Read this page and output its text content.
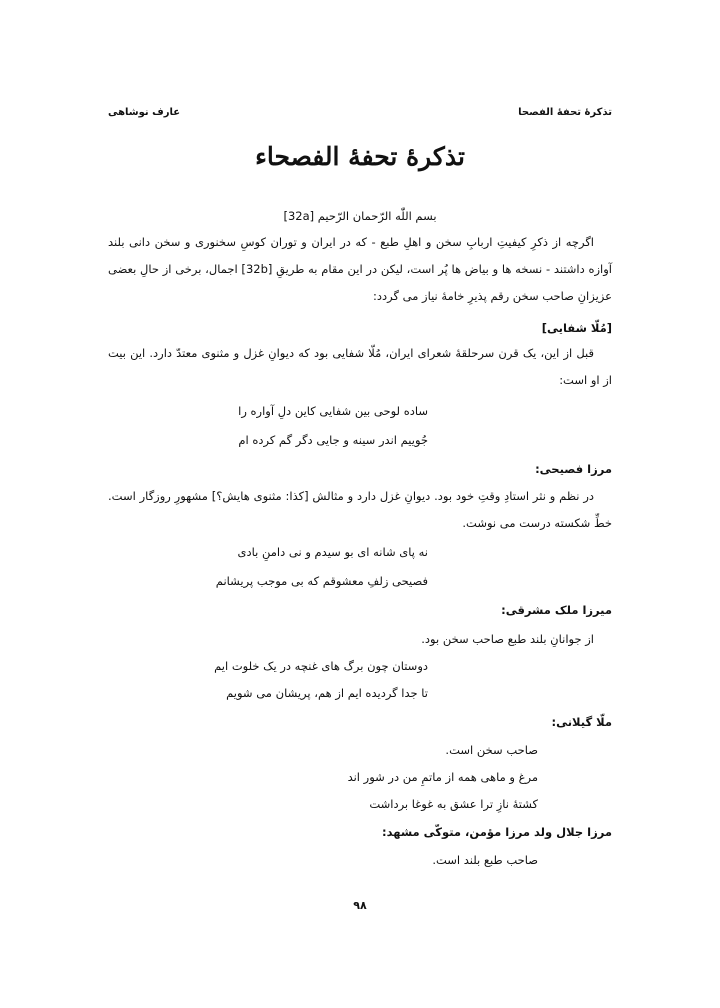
تذکرهٔ تحفهٔ الفصحا
عارف نوشاهی
تذکرهٔ تحفهٔ الفصحاء
[32a] بسم اللّٰه الرّحمان الرّحیم
اگرچه از ذکرِ کیفیتِ اربابِ سخن و اهلِ طبع - که در ایران و توران کوسِ سخنوری و سخن دانی بلند آوازه داشتند - نسخه ها و بیاض ها پُر است، لیکن در این مقام به طریقِ [32b] اجمال، برخی از حالِ بعضی عزیزانِ صاحب سخن رقم پذیرِ خامهٔ نیاز می گردد:
[مُلّا شفایی]
قبل از این، یک قرن سرحلقهٔ شعرای ایران، مُلّا شفایی بود که دیوانِ غزل و مثنوی معتدّ دارد. این بیت از او است:
ساده لوحی بین شفایی کاین دلِ آواره را
جُوییم اندر سینه و جایی دگر گم کرده ام
مرزا فصیحی:
در نظم و نثر استادِ وقتِ خود بود. دیوانِ غزل دارد و مثالش [کذا: مثنوی هایش؟] مشهورِ روزگار است. خطِّ شکسته درست می نوشت.
نه پای شانه ای بو سیدم و نی دامنِ بادی
فصیحی زلفِ معشوقم که بی موجب پریشانم
میرزا ملک مشرقی:
از جوانانِ بلند طبع صاحب سخن بود.
دوستان چون برگ های غنچه در یک خلوت ایم
تا جدا گردیده ایم از هم، پریشان می شویم
ملّا گیلانی:
صاحب سخن است.
مرغ و ماهی همه از ماتمِ من در شور اند
کشتهٔ نازِ ترا عشق به غوغا برداشت
مرزا جلال ولد مرزا مؤمن، متوکّی مشهد:
صاحب طبع بلند است.
۹۸
